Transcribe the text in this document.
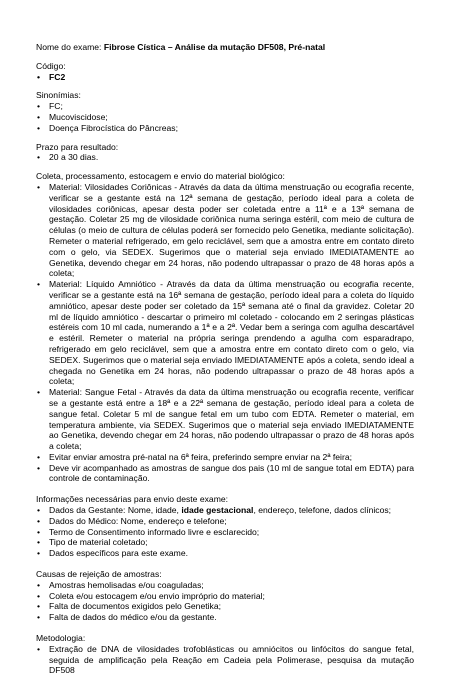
Nome do exame: Fibrose Cística – Análise da mutação DF508, Pré-natal

Código:

• FC2

Sinonímias:

• FC;
• Mucoviscidose;
• Doença Fibrocística do Pâncreas;

Prazo para resultado:

• 20 a 30 dias.

Coleta, processamento, estocagem e envio do material biológico:

• Material: Vilosidades Coriônicas - Através da data da última menstruação ou ecografia recente, verificar se a gestante está na 12ª semana de gestação, período ideal para a coleta de vilosidades coriônicas, apesar desta poder ser coletada entre a 11ª e a 13ª semana de gestação. Coletar 25 mg de vilosidade coriônica numa seringa estéril, com meio de cultura de células (o meio de cultura de células poderá ser fornecido pelo Genetika, mediante solicitação). Remeter o material refrigerado, em gelo reciclável, sem que a amostra entre em contato direto com o gelo, via SEDEX. Sugerimos que o material seja enviado IMEDIATAMENTE ao Genetika, devendo chegar em 24 horas, não podendo ultrapassar o prazo de 48 horas após a coleta;
• Material: Líquido Amniótico - Através da data da última menstruação ou ecografia recente, verificar se a gestante está na 16ª semana de gestação, período ideal para a coleta do líquido amniótico, apesar deste poder ser coletado da 15ª semana até o final da gravidez. Coletar 20 ml de líquido amniótico - descartar o primeiro ml coletado - colocando em 2 seringas plásticas estéreis com 10 ml cada, numerando a 1ª e a 2ª. Vedar bem a seringa com agulha descartável e estéril. Remeter o material na própria seringa prendendo a agulha com esparadrapo, refrigerado em gelo reciclável, sem que a amostra entre em contato direto com o gelo, via SEDEX. Sugerimos que o material seja enviado IMEDIATAMENTE após a coleta, sendo ideal a chegada no Genetika em 24 horas, não podendo ultrapassar o prazo de 48 horas após a coleta;
• Material: Sangue Fetal - Através da data da última menstruação ou ecografia recente, verificar se a gestante está entre a 18ª e a 22ª semana de gestação, período ideal para a coleta de sangue fetal. Coletar 5 ml de sangue fetal em um tubo com EDTA. Remeter o material, em temperatura ambiente, via SEDEX. Sugerimos que o material seja enviado IMEDIATAMENTE ao Genetika, devendo chegar em 24 horas, não podendo ultrapassar o prazo de 48 horas após a coleta;
• Evitar enviar amostra pré-natal na 6ª feira, preferindo sempre enviar na 2ª feira;
• Deve vir acompanhado as amostras de sangue dos pais (10 ml de sangue total em EDTA) para controle de contaminação.

Informações necessárias para envio deste exame:

• Dados da Gestante: Nome, idade, idade gestacional, endereço, telefone, dados clínicos;
• Dados do Médico: Nome, endereço e telefone;
• Termo de Consentimento informado livre e esclarecido;
• Tipo de material coletado;
• Dados específicos para este exame.

Causas de rejeição de amostras:

• Amostras hemolisadas e/ou coaguladas;
• Coleta e/ou estocagem e/ou envio impróprio do material;
• Falta de documentos exigidos pelo Genetika;
• Falta de dados do médico e/ou da gestante.

Metodologia:

• Extração de DNA de vilosidades trofoblásticas ou amniócitos ou linfócitos do sangue fetal, seguida de amplificação pela Reação em Cadeia pela Polimerase, pesquisa da mutação DF508
